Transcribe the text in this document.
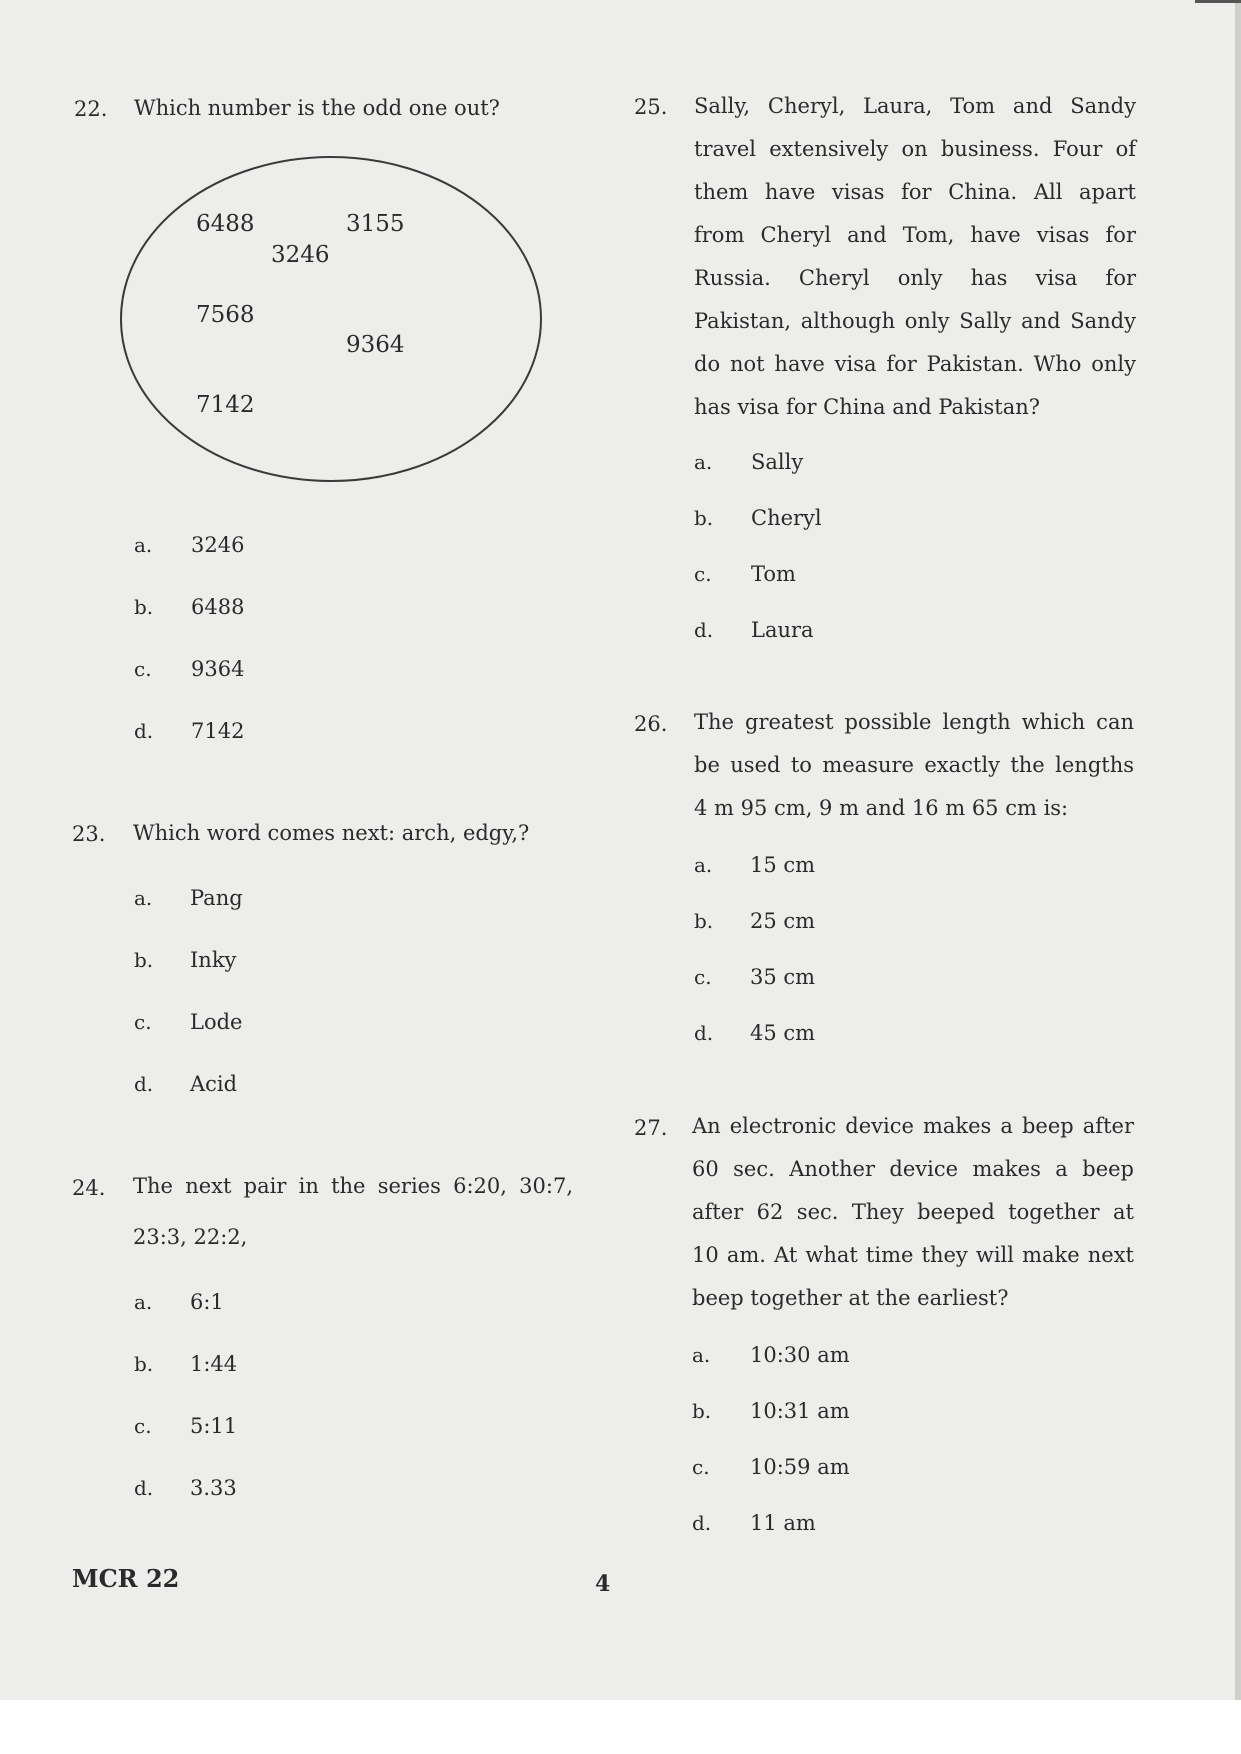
22. Which number is the odd one out?
6488	3155
3246
7568
9364
7142
a. 3246
b. 6488
c. 9364
d. 7142
23. Which word comes next: arch, edgy,?
a. Pang
b. Inky
c. Lode
d. Acid
24. The next pair in the series 6:20, 30:7,
23:3, 22:2,
a. 6:1
b. 1:44
c. 5:11
d. 3.33
25. Sally, Cheryl, Laura, Tom and Sandy
travel extensively on business. Four of
them have visas for China. All apart
from Cheryl and Tom, have visas for
Russia. Cheryl only has visa for
Pakistan, although only Sally and Sandy
do not have visa for Pakistan. Who only
has visa for China and Pakistan?
a. Sally
b. Cheryl
c. Tom
d. Laura
26. The greatest possible length which can
be used to measure exactly the lengths
4 m 95 cm, 9 m and 16 m 65 cm is:
a. 15 cm
b. 25 cm
c. 35 cm
d. 45 cm
27. An electronic device makes a beep after
60 sec. Another device makes a beep
after 62 sec. They beeped together at
10 am. At what time they will make next
beep together at the earliest?
a. 10:30 am
b. 10:31 am
c. 10:59 am
d. 11 am
MCR 22	4
